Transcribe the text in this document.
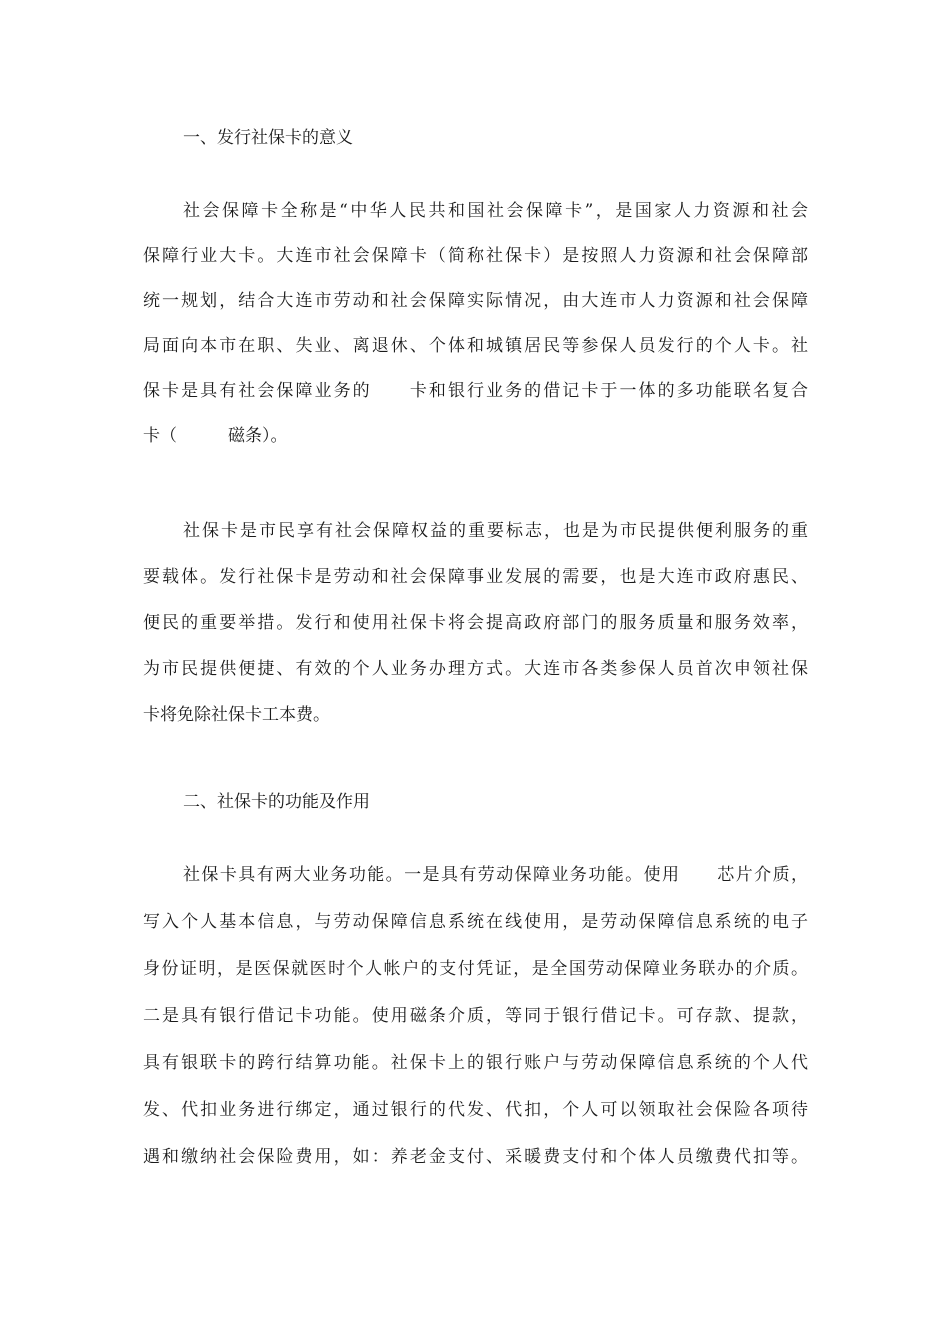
一、发行社保卡的意义
社会保障卡全称是“中华人民共和国社会保障卡”，是国家人力资源和社会
保障行业大卡。大连市社会保障卡（简称社保卡）是按照人力资源和社会保障部
统一规划，结合大连市劳动和社会保障实际情况，由大连市人力资源和社会保障
局面向本市在职、失业、离退休、个体和城镇居民等参保人员发行的个人卡。社
保卡是具有社会保障业务的　　卡和银行业务的借记卡于一体的多功能联名复合
卡（　　　磁条）。
社保卡是市民享有社会保障权益的重要标志，也是为市民提供便利服务的重
要载体。发行社保卡是劳动和社会保障事业发展的需要，也是大连市政府惠民、
便民的重要举措。发行和使用社保卡将会提高政府部门的服务质量和服务效率，
为市民提供便捷、有效的个人业务办理方式。大连市各类参保人员首次申领社保
卡将免除社保卡工本费。
二、社保卡的功能及作用
社保卡具有两大业务功能。一是具有劳动保障业务功能。使用　　芯片介质，
写入个人基本信息，与劳动保障信息系统在线使用，是劳动保障信息系统的电子
身份证明，是医保就医时个人帐户的支付凭证，是全国劳动保障业务联办的介质。
二是具有银行借记卡功能。使用磁条介质，等同于银行借记卡。可存款、提款，
具有银联卡的跨行结算功能。社保卡上的银行账户与劳动保障信息系统的个人代
发、代扣业务进行绑定，通过银行的代发、代扣，个人可以领取社会保险各项待
遇和缴纳社会保险费用，如：养老金支付、采暖费支付和个体人员缴费代扣等。
